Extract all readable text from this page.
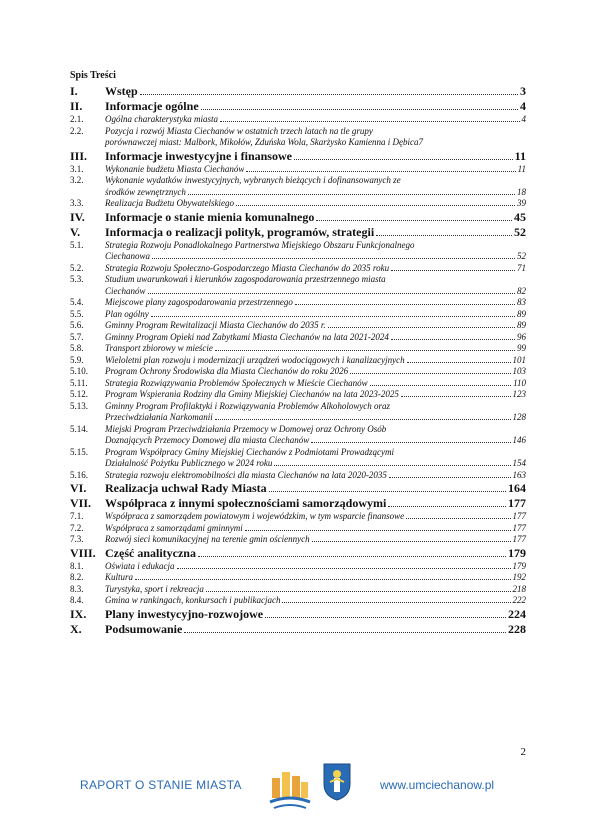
Spis Treści
I.	Wstęp	3
II.	Informacje ogólne	4
2.1.	Ogólna charakterystyka miasta	4
2.2.	Pozycja i rozwój Miasta Ciechanów w ostatnich trzech latach na tle grupy
porównawczej miast: Malbork, Mikołów, Zduńska Wola, Skarżysko Kamienna i Dębica 7
III.	Informacje inwestycyjne i finansowe	11
3.1.	Wykonanie budżetu Miasta Ciechanów	11
3.2.	Wykonanie wydatków inwestycyjnych, wybranych bieżących i dofinansowanych ze
środków zewnętrznych	18
3.3.	Realizacja Budżetu Obywatelskiego	39
IV.	Informacje o stanie mienia komunalnego	45
V.	Informacja o realizacji polityk, programów, strategii	52
5.1.	Strategia Rozwoju Ponadlokalnego Partnerstwa Miejskiego Obszaru Funkcjonalnego
Ciechanowa	52
5.2.	Strategia Rozwoju Społeczno-Gospodarczego Miasta Ciechanów do 2035 roku	71
5.3.	Studium uwarunkowań i kierunków zagospodarowania przestrzennego miasta
Ciechanów	82
5.4.	Miejscowe plany zagospodarowania przestrzennego	83
5.5.	Plan ogólny	89
5.6.	Gminny Program Rewitalizacji Miasta Ciechanów do 2035 r.	89
5.7.	Gminny Program Opieki nad Zabytkami Miasta Ciechanów na lata 2021-2024	96
5.8.	Transport zbiorowy w mieście	99
5.9.	Wieloletni plan rozwoju i modernizacji urządzeń wodociągowych i kanalizacyjnych	101
5.10.	Program Ochrony Środowiska dla Miasta Ciechanów do roku 2026	103
5.11.	Strategia Rozwiązywania Problemów Społecznych w Mieście Ciechanów	110
5.12.	Program Wspierania Rodziny dla Gminy Miejskiej Ciechanów na lata 2023-2025	123
5.13.	Gminny Program Profilaktyki i Rozwiązywania Problemów Alkoholowych oraz
Przeciwdziałania Narkomanii	128
5.14.	Miejski Program Przeciwdziałania Przemocy w Domowej oraz Ochrony Osób
Doznających Przemocy Domowej dla miasta Ciechanów	146
5.15.	Program Współpracy Gminy Miejskiej Ciechanów z Podmiotami Prowadzącymi
Działalność Pożytku Publicznego w 2024 roku	154
5.16.	Strategia rozwoju elektromobilności dla miasta Ciechanów na lata 2020-2035	163
VI.	Realizacja uchwał Rady Miasta	164
VII.	Współpraca z innymi społecznościami samorządowymi	177
7.1.	Współpraca z samorządem powiatowym i wojewódzkim, w tym wsparcie finansowe	177
7.2.	Współpraca z samorządami gminnymi	177
7.3.	Rozwój sieci komunikacyjnej na terenie gmin ościennych	177
VIII. Część analityczna	179
8.1.	Oświata i edukacja	179
8.2.	Kultura	192
8.3.	Turystyka, sport i rekreacja	218
8.4.	Gmina w rankingach, konkursach i publikacjach	222
IX.	Plany inwestycyjno-rozwojowe	224
X.	Podsumowanie	228
2
RAPORT O STANIE MIASTA	www.umciechanow.pl
